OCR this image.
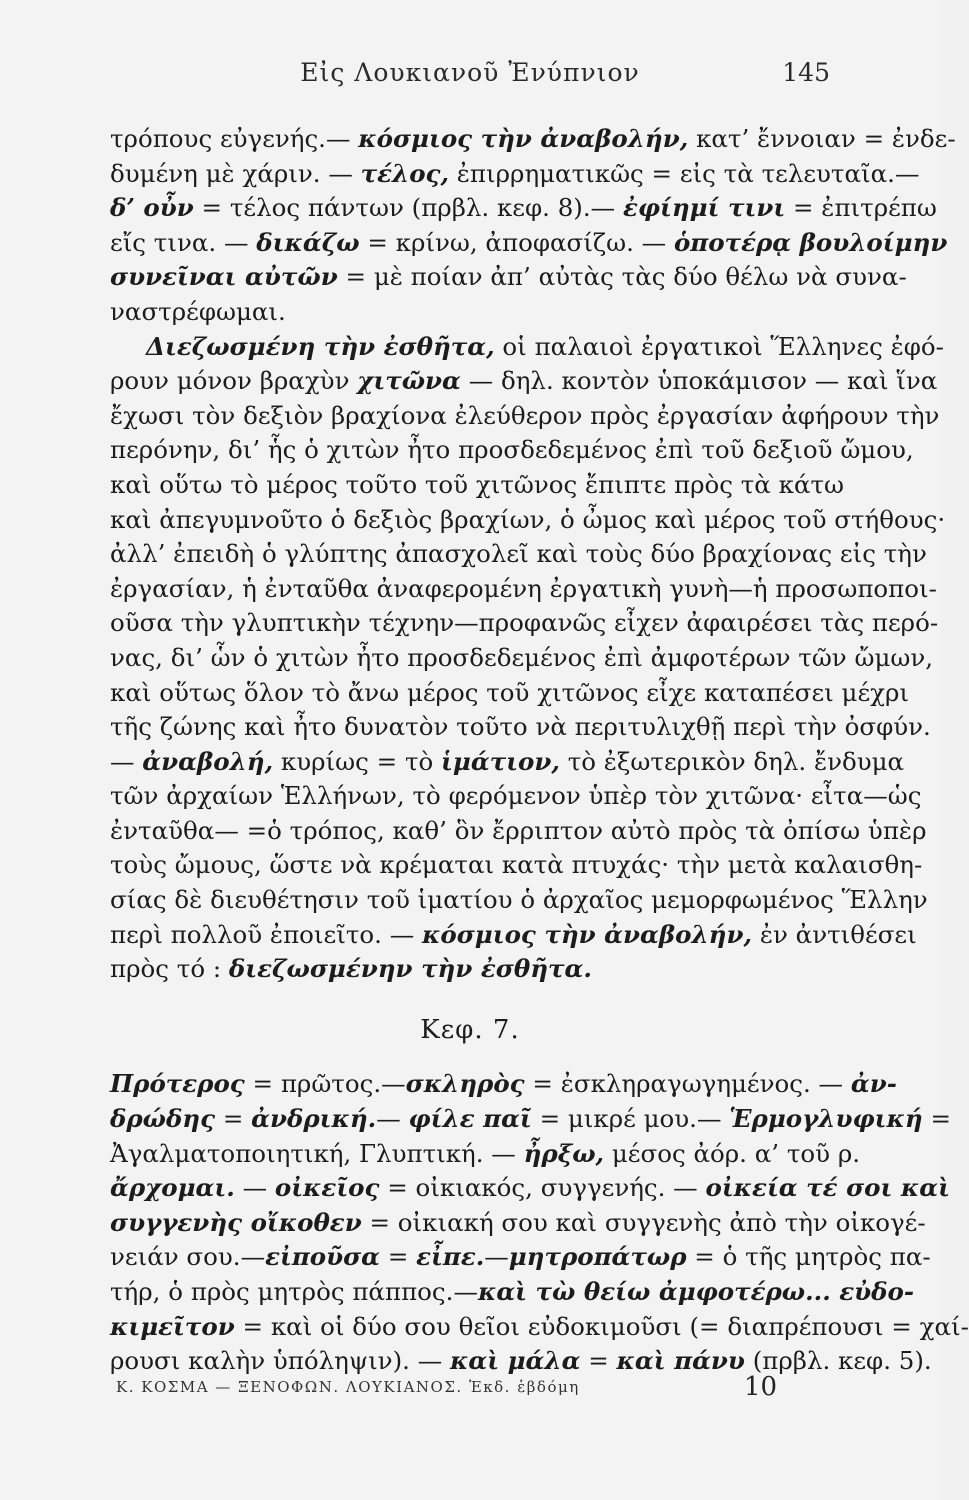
Εἰς Λουκιανοῦ Ἐνύπνιον	145
τρόπους εὐγενής.— κόσμιος τὴν ἀναβολήν, κατ’ ἔννοιαν = ἐνδε-
δυμένη μὲ χάριν. — τέλος, ἐπιρρηματικῶς = εἰς τὰ τελευταῖα.—
δ’ οὖν = τέλος πάντων (πρβλ. κεφ. 8).— ἐφίημί τινι = ἐπιτρέπω
εἴς τινα. — δικάζω = κρίνω, ἀποφασίζω. — ὁποτέρᾳ βουλοίμην
συνεῖναι αὐτῶν = μὲ ποίαν ἀπ’ αὐτὰς τὰς δύο θέλω νὰ συνα-
ναστρέφωμαι.
Διεζωσμένη τὴν ἐσθῆτα, οἱ παλαιοὶ ἐργατικοὶ Ἕλληνες ἐφό-
ρουν μόνον βραχὺν χιτῶνα — δηλ. κοντὸν ὑποκάμισον — καὶ ἵνα
ἔχωσι τὸν δεξιὸν βραχίονα ἐλεύθερον πρὸς ἐργασίαν ἀφήρουν τὴν
περόνην, δι’ ἧς ὁ χιτὼν ἦτο προσδεδεμένος ἐπὶ τοῦ δεξιοῦ ὤμου,
καὶ οὕτω τὸ μέρος τοῦτο τοῦ χιτῶνος ἔπιπτε πρὸς τὰ κάτω
καὶ ἀπεγυμνοῦτο ὁ δεξιὸς βραχίων, ὁ ὦμος καὶ μέρος τοῦ στήθους·
ἀλλ’ ἐπειδὴ ὁ γλύπτης ἀπασχολεῖ καὶ τοὺς δύο βραχίονας εἰς τὴν
ἐργασίαν, ἡ ἐνταῦθα ἀναφερομένη ἐργατικὴ γυνὴ—ἡ προσωποποι-
οῦσα τὴν γλυπτικὴν τέχνην—προφανῶς εἶχεν ἀφαιρέσει τὰς περό-
νας, δι’ ὧν ὁ χιτὼν ἦτο προσδεδεμένος ἐπὶ ἀμφοτέρων τῶν ὤμων,
καὶ οὕτως ὅλον τὸ ἄνω μέρος τοῦ χιτῶνος εἶχε καταπέσει μέχρι
τῆς ζώνης καὶ ἦτο δυνατὸν τοῦτο νὰ περιτυλιχθῇ περὶ τὴν ὀσφύν.
— ἀναβολή, κυρίως = τὸ ἱμάτιον, τὸ ἐξωτερικὸν δηλ. ἔνδυμα
τῶν ἀρχαίων Ἑλλήνων, τὸ φερόμενον ὑπὲρ τὸν χιτῶνα· εἶτα—ὡς
ἐνταῦθα— =ὁ τρόπος, καθ’ ὃν ἔρριπτον αὐτὸ πρὸς τὰ ὀπίσω ὑπὲρ
τοὺς ὤμους, ὥστε νὰ κρέμαται κατὰ πτυχάς· τὴν μετὰ καλαισθη-
σίας δὲ διευθέτησιν τοῦ ἱματίου ὁ ἀρχαῖος μεμορφωμένος Ἕλλην
περὶ πολλοῦ ἐποιεῖτο. — κόσμιος τὴν ἀναβολήν, ἐν ἀντιθέσει
πρὸς τό : διεζωσμένην τὴν ἐσθῆτα.
Κεφ. 7.
Πρότερος = πρῶτος.—σκληρὸς = ἐσκληραγωγημένος. — ἀν-
δρώδης = ἀνδρική.— φίλε παῖ = μικρέ μου.— Ἑρμογλυφική =
Ἀγαλματοποιητική, Γλυπτική. — ἦρξω, μέσος ἀόρ. α’ τοῦ ρ.
ἄρχομαι. — οἰκεῖος = οἰκιακός, συγγενής. — οἰκεία τέ σοι καὶ
συγγενὴς οἴκοθεν = οἰκιακή σου καὶ συγγενὴς ἀπὸ τὴν οἰκογέ-
νειάν σου.—εἰποῦσα = εἶπε.—μητροπάτωρ = ὁ τῆς μητρὸς πα-
τήρ, ὁ πρὸς μητρὸς πάππος.—καὶ τὼ θείω ἀμφοτέρω... εὐδο-
κιμεῖτον = καὶ οἱ δύο σου θεῖοι εὐδοκιμοῦσι (= διαπρέπουσι = χαί-
ρουσι καλὴν ὑπόληψιν). — καὶ μάλα = καὶ πάνυ (πρβλ. κεφ. 5).
Κ. ΚΟΣΜΑ — ΞΕΝΟΦΩΝ. ΛΟΥΚΙΑΝΟΣ. Ἐκδ. ἑβδόμη	10
